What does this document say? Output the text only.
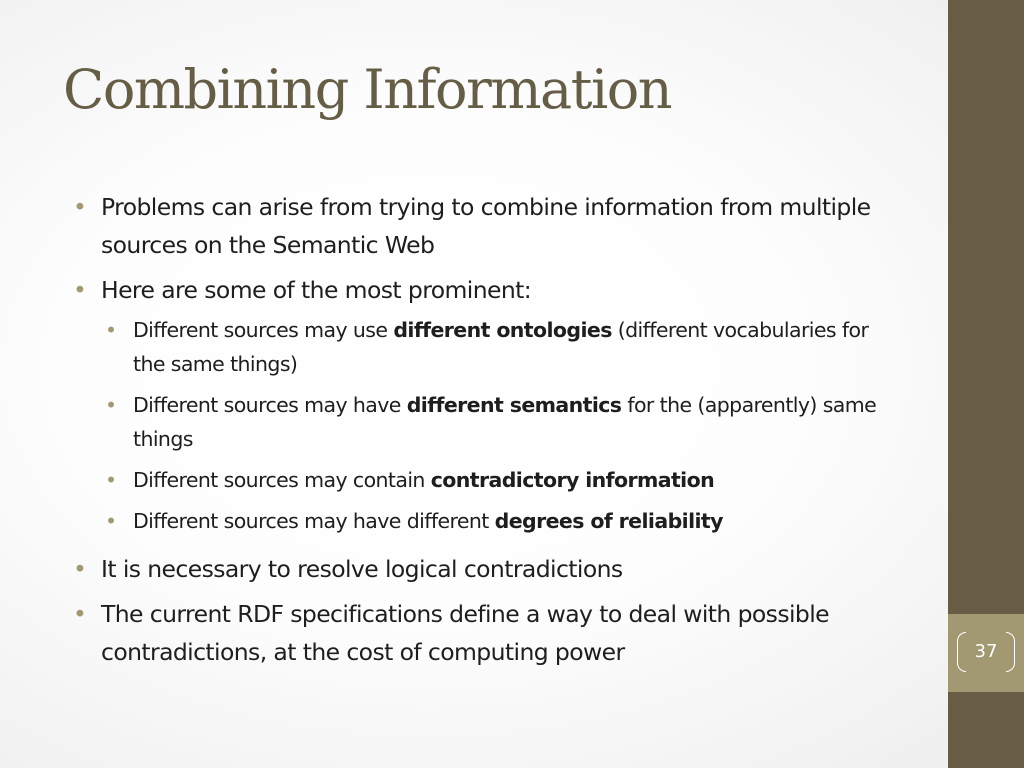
Combining Information
• Problems can arise from trying to combine information from multiple sources on the Semantic Web
• Here are some of the most prominent:
• Different sources may use different ontologies (different vocabularies for the same things)
• Different sources may have different semantics for the (apparently) same things
• Different sources may contain contradictory information
• Different sources may have different degrees of reliability
• It is necessary to resolve logical contradictions
• The current RDF specifications define a way to deal with possible contradictions, at the cost of computing power	37
